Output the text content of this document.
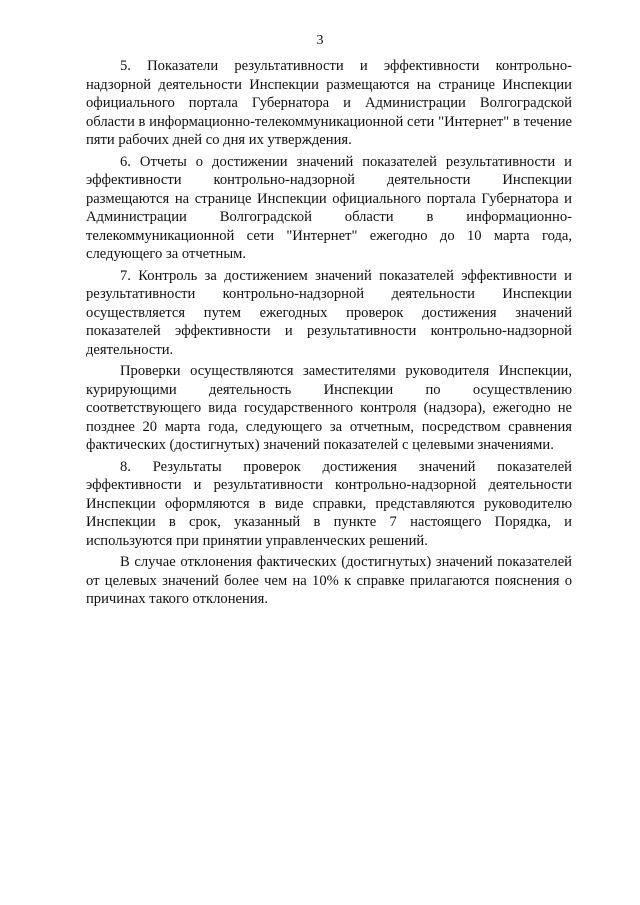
3

5. Показатели результативности и эффективности контрольно-надзорной деятельности Инспекции размещаются на странице Инспекции официального портала Губернатора и Администрации Волгоградской области в информационно-телекоммуникационной сети "Интернет" в течение пяти рабочих дней со дня их утверждения.

6. Отчеты о достижении значений показателей результативности и эффективности контрольно-надзорной деятельности Инспекции размещаются на странице Инспекции официального портала Губернатора и Администрации Волгоградской области в информационно-телекоммуникационной сети "Интернет" ежегодно до 10 марта года, следующего за отчетным.

7. Контроль за достижением значений показателей эффективности и результативности контрольно-надзорной деятельности Инспекции осуществляется путем ежегодных проверок достижения значений показателей эффективности и результативности контрольно-надзорной деятельности.

Проверки осуществляются заместителями руководителя Инспекции, курирующими деятельность Инспекции по осуществлению соответствующего вида государственного контроля (надзора), ежегодно не позднее 20 марта года, следующего за отчетным, посредством сравнения фактических (достигнутых) значений показателей с целевыми значениями.

8. Результаты проверок достижения значений показателей эффективности и результативности контрольно-надзорной деятельности Инспекции оформляются в виде справки, представляются руководителю Инспекции в срок, указанный в пункте 7 настоящего Порядка, и используются при принятии управленческих решений.

В случае отклонения фактических (достигнутых) значений показателей от целевых значений более чем на 10% к справке прилагаются пояснения о причинах такого отклонения.
